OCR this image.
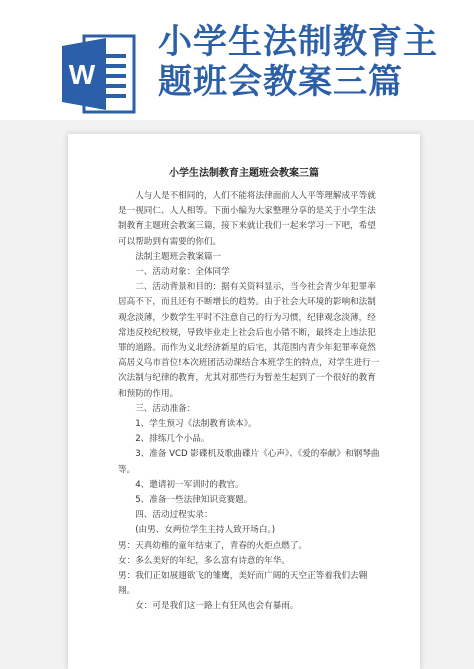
W
小学生法制教育主
题班会教案三篇
小学生法制教育主题班会教案三篇

人与人是不相同的，人们不能将法律面前人人平等理解成平等就是一视同仁、人人相等。下面小编为大家整理分享的是关于小学生法制教育主题班会教案三篇，接下来就让我们一起来学习一下吧，希望可以帮助到有需要的你们。

法制主题班会教案篇一

一、活动对象：全体同学

二、活动背景和目的：据有关资料显示，当今社会青少年犯罪率居高不下，而且还有不断增长的趋势。由于社会大环境的影响和法制观念淡薄，少数学生平时不注意自己的行为习惯，纪律观念淡薄，经常违反校纪校规，导致毕业走上社会后也小错不断，最终走上违法犯罪的道路。而作为义北经济新星的后宅，其范围内青少年犯罪率竟然高居义乌市首位!本次班团活动课结合本班学生的特点，对学生进行一次法制与纪律的教育，尤其对那些行为暂差生起到了一个很好的教育和预防的作用。

三、活动准备：

1、学生预习《法制教育读本》。

2、排练几个小品。

3、准备 VCD 影碟机及歌曲碟片《心声》、《爱的奉献》和钢琴曲等。

4、邀请初一军训时的教官。

5、准备一些法律知识竞赛题。

四、活动过程实录：

(由男、女两位学生主持人致开场白。)

男：天真幼稚的童年结束了，青春的火炬点燃了。

女：多么美好的年纪，多么富有诗意的年华。

男：我们正如展翅欲飞的雏鹰，美好而广阔的天空正等着我们去翱翔。

女：可是我们这一路上有狂风也会有暴雨。
